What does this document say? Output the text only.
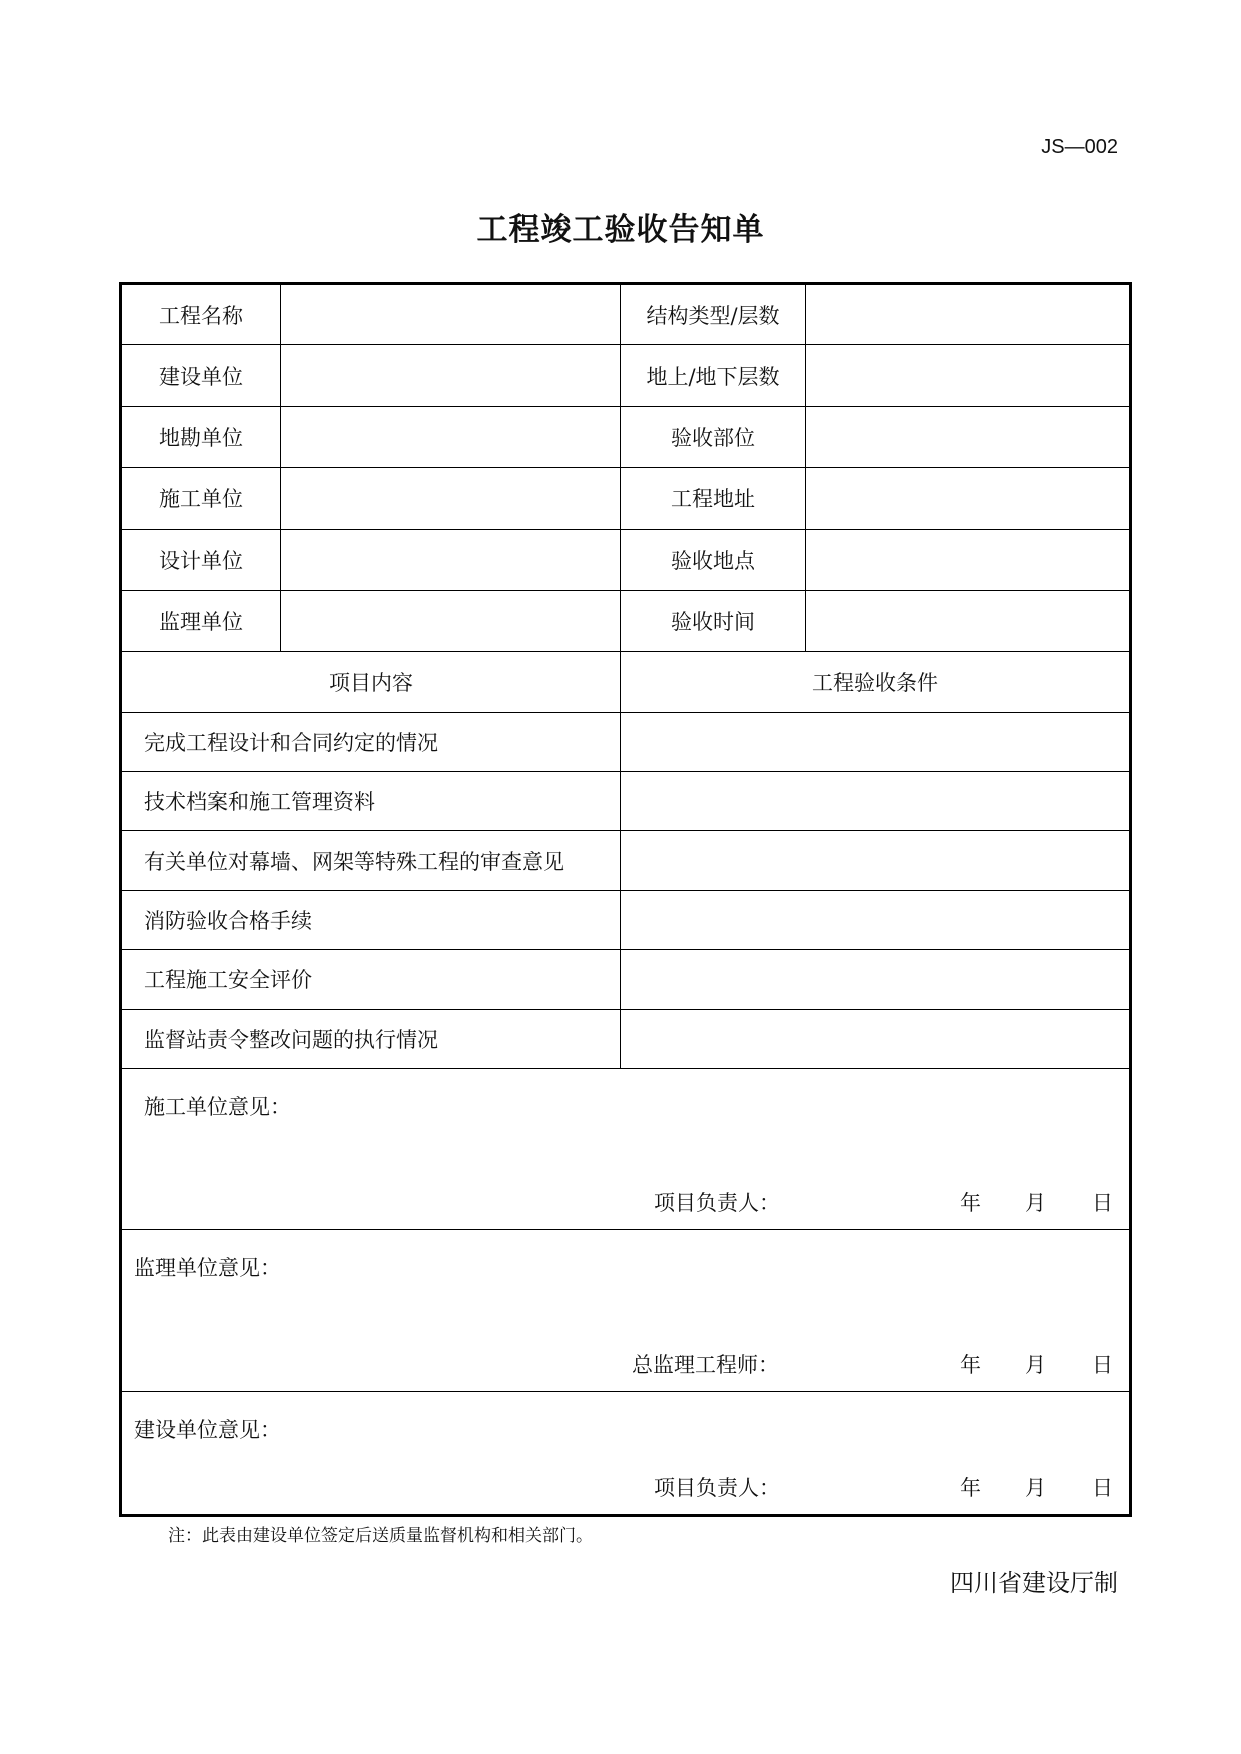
JS—002
工程竣工验收告知单
工程名称		结构类型/层数	
建设单位		地上/地下层数	
地勘单位		验收部位	
施工单位		工程地址	
设计单位		验收地点	
监理单位		验收时间	
项目内容		工程验收条件	
完成工程设计和合同约定的情况			
技术档案和施工管理资料			
有关单位对幕墙、网架等特殊工程的审查意见			
消防验收合格手续			
工程施工安全评价			
监督站责令整改问题的执行情况			

施工单位意见：
项目负责人： 年 月 日			

监理单位意见：
总监理工程师： 年 月 日			

建设单位意见：
项目负责人： 年 月 日			
注：此表由建设单位签定后送质量监督机构和相关部门。
四川省建设厅制
